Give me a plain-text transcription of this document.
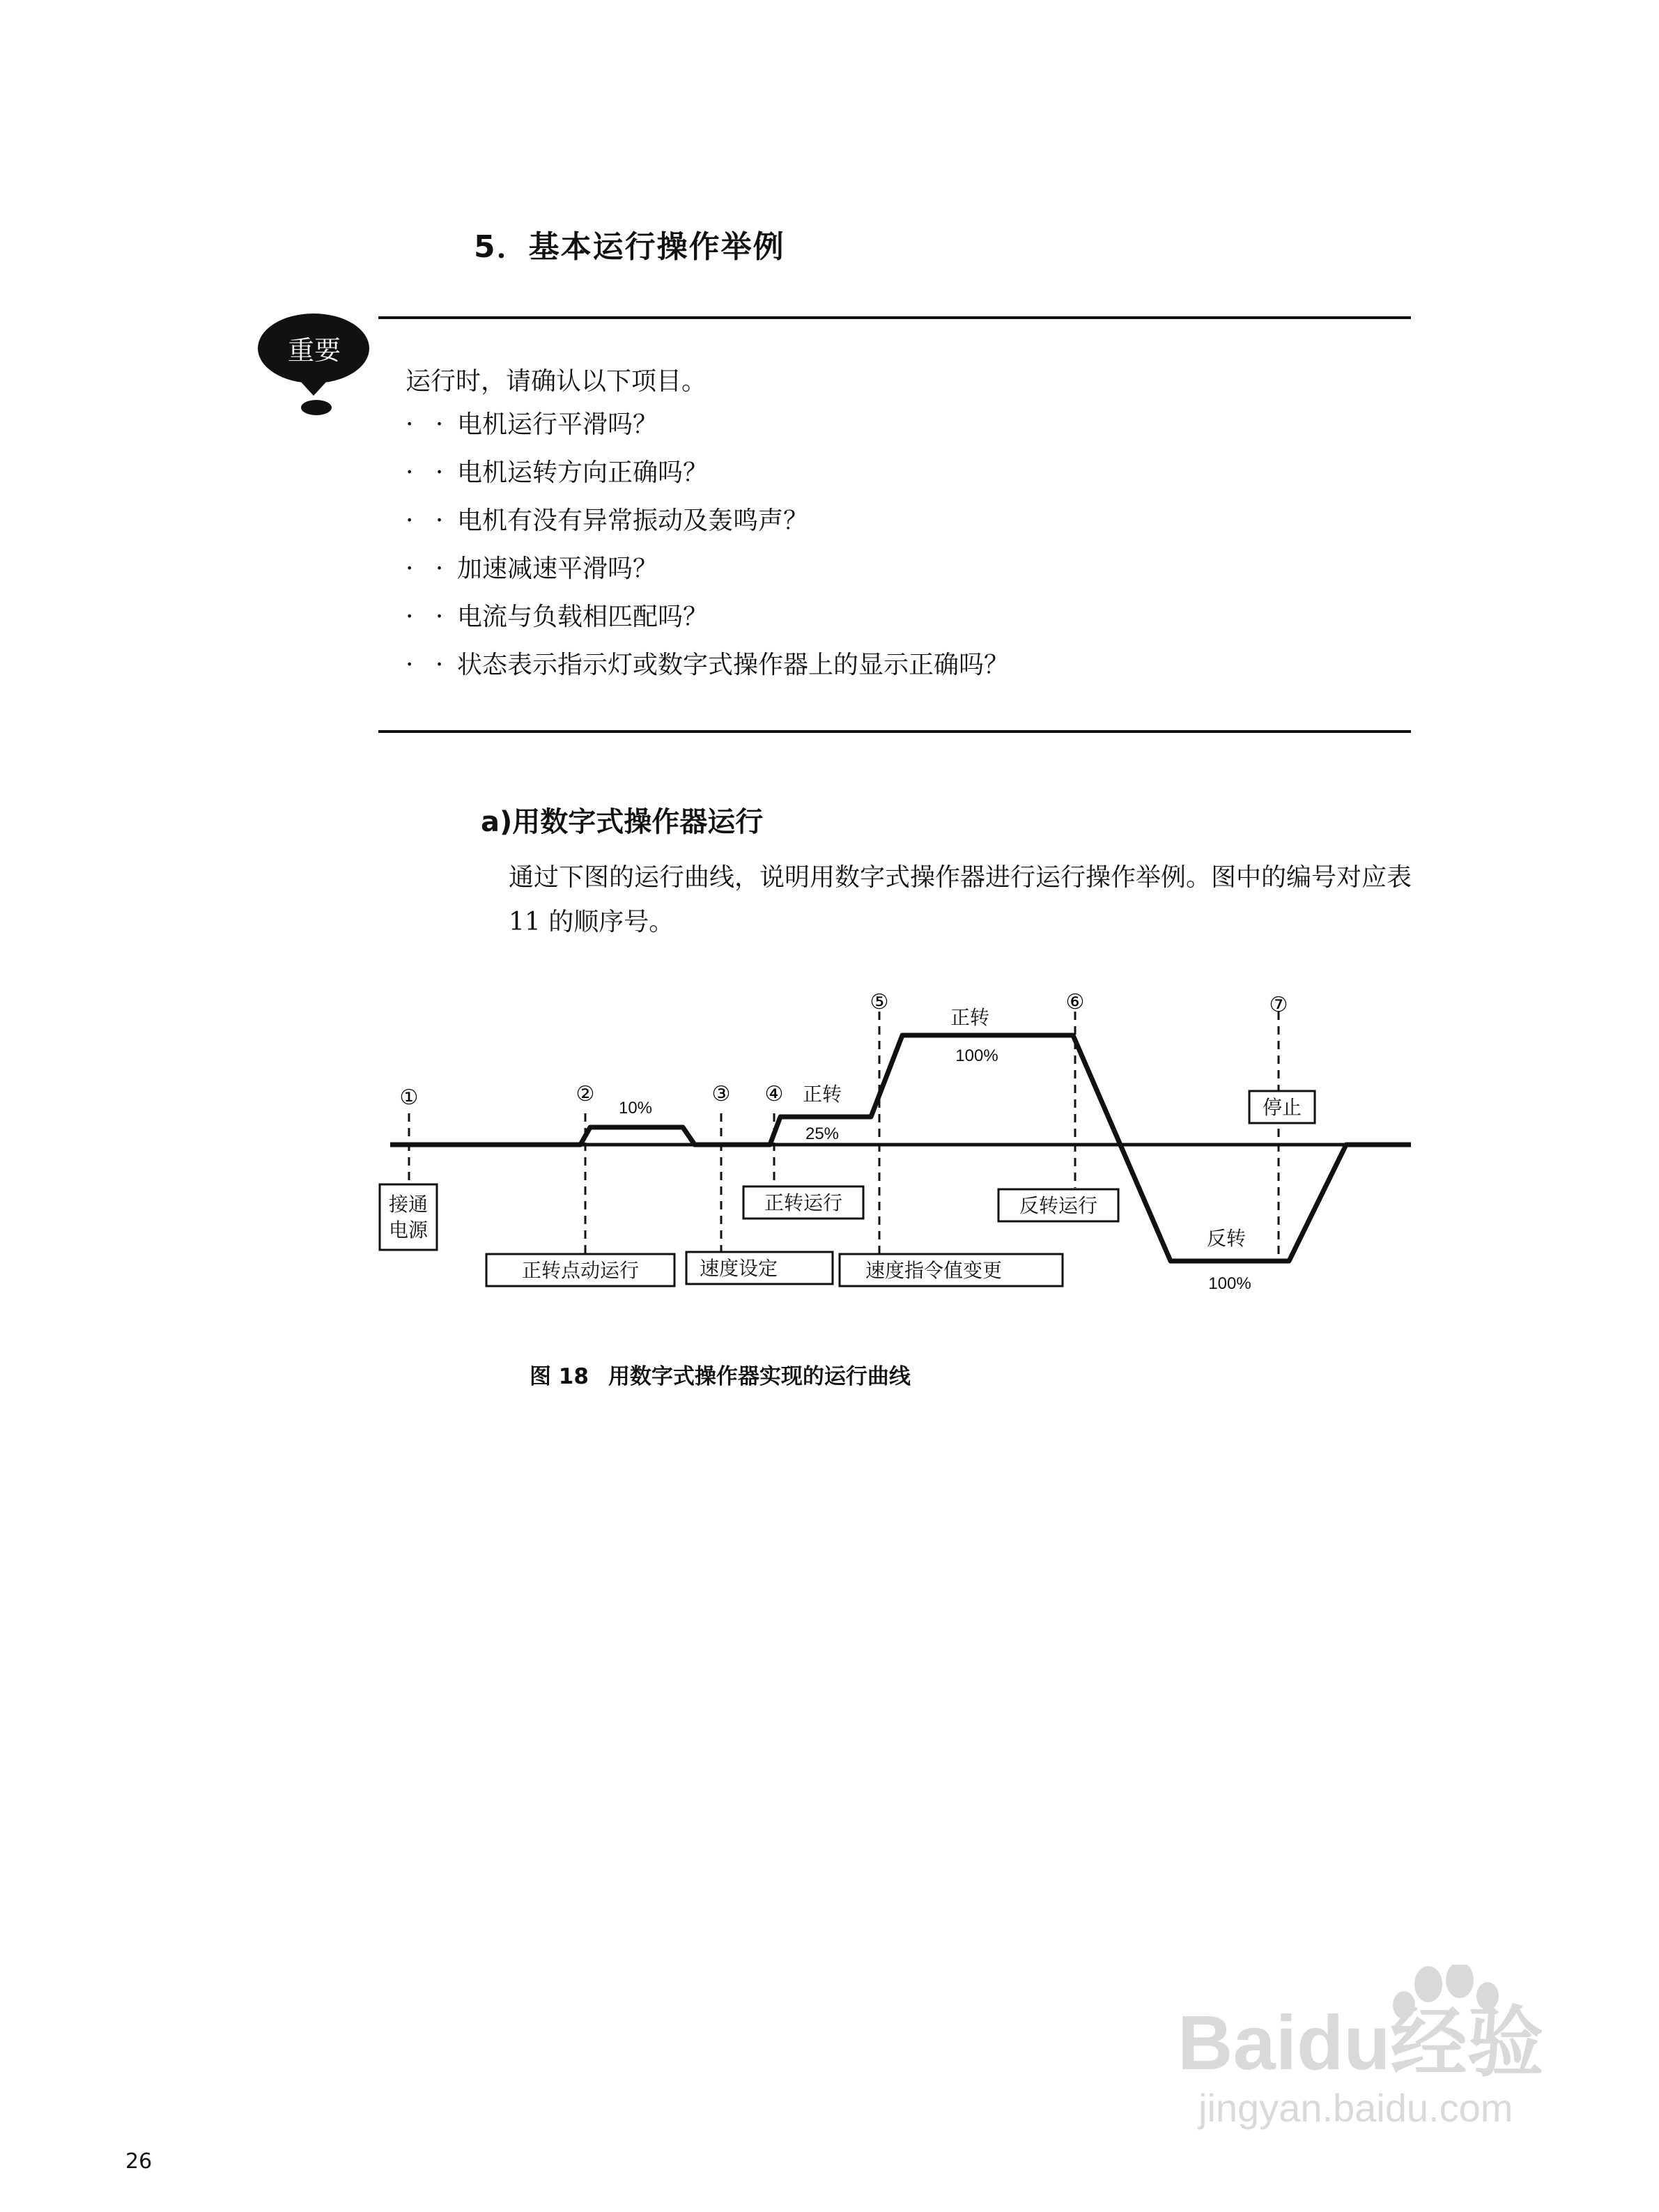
5．基本运行操作举例
重要
运行时，请确认以下项目。
· · 电机运行平滑吗？
· · 电机运转方向正确吗？
· · 电机有没有异常振动及轰鸣声？
· · 加速减速平滑吗？
· · 电流与负载相匹配吗？
· · 状态表示指示灯或数字式操作器上的显示正确吗？
a)用数字式操作器运行
通过下图的运行曲线，说明用数字式操作器进行运行操作举例。图中的编号对应表 11 的顺序号。
①	②	③ ④
⑤	⑥	⑦
10%
正转
25%
正转
100%
反转
100%
接通
电源
正转运行	反转运行
停止
正转点动运行	速度设定	速度指令值变更
图 18 用数字式操作器实现的运行曲线
26
Baidu经验
jingyan.baidu.com
